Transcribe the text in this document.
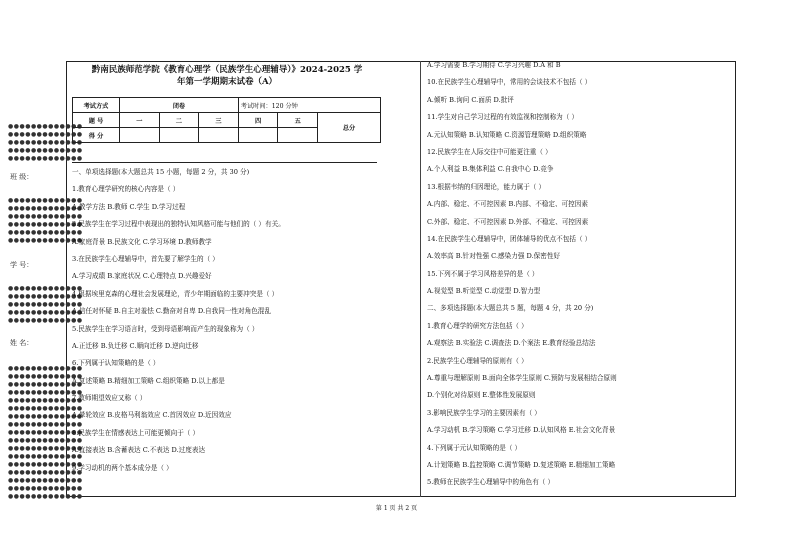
●●●●●●●●●●●●●
●●●●●●●●●●●●●
●●●●●●●●●●●●●
●●●●●●●●●●●●●
●●●●●●●●●●●●●
班 级：
●●●●●●●●●●●●●
●●●●●●●●●●●●●
●●●●●●●●●●●●●
●●●●●●●●●●●●●
●●●●●●●●●●●●●
●●●●●●●●●●●●●
学 号：
●●●●●●●●●●●●●
●●●●●●●●●●●●●
●●●●●●●●●●●●●
●●●●●●●●●●●●●
●●●●●●●●●●●●●
姓 名：
●●●●●●●●●●●●●
●●●●●●●●●●●●●
●●●●●●●●●●●●●
●●●●●●●●●●●●●
●●●●●●●●●●●●●
●●●●●●●●●●●●●
●●●●●●●●●●●●●
●●●●●●●●●●●●●
●●●●●●●●●●●●●
●●●●●●●●●●●●●
●●●●●●●●●●●●●
●●●●●●●●●●●●●
●●●●●●●●●●●●●
●●●●●●●●●●●●●
●●●●●●●●●●●●●
●●●●●●●●●●●●●
●●●●●●●●●●●●●
黔南民族师范学院《教育心理学（民族学生心理辅导）》2024-2025 学
年第一学期期末试卷（A）
考试方式	闭卷			考试时间：120 分钟		
题 号	一	二	三	四	五	总分
得 分						
一、单项选择题(本大题总共 15 小题，每题 2 分，共 30 分)
1.教育心理学研究的核心内容是（ ）
A.教学方法 B.教师 C.学生 D.学习过程
2.民族学生在学习过程中表现出的独特认知风格可能与他们的（ ）有关。
A.家庭背景 B.民族文化 C.学习环境 D.教师教学
3.在民族学生心理辅导中，首先要了解学生的（ ）
A.学习成绩 B.家庭状况 C.心理特点 D.兴趣爱好
4.根据埃里克森的心理社会发展理论，青少年期面临的主要冲突是（ ）
A.信任对怀疑 B.自主对羞怯 C.勤奋对自卑 D.自我同一性对角色混乱
5.民族学生在学习语言时，受到母语影响而产生的现象称为（ ）
A.正迁移 B.负迁移 C.顺向迁移 D.逆向迁移
6.下列属于认知策略的是（ ）
A.复述策略 B.精细加工策略 C.组织策略 D.以上都是
7.教师期望效应又称（ ）
A.晕轮效应 B.皮格马利翁效应 C.首因效应 D.近因效应
8.民族学生在情感表达上可能更倾向于（ ）
A.直接表达 B.含蓄表达 C.不表达 D.过度表达
9.学习动机的两个基本成分是（ ）
A.学习需要 B.学习期待 C.学习兴趣 D.A 和 B
10.在民族学生心理辅导中，常用的会谈技术不包括（ ）
A.倾听 B.询问 C.面质 D.批评
11.学生对自己学习过程的有效监视和控制称为（ ）
A.元认知策略 B.认知策略 C.资源管理策略 D.组织策略
12.民族学生在人际交往中可能更注重（ ）
A.个人利益 B.集体利益 C.自我中心 D.竞争
13.根据韦纳的归因理论，能力属于（ ）
A.内部、稳定、不可控因素 B.内部、不稳定、可控因素
C.外部、稳定、不可控因素 D.外部、不稳定、可控因素
14.在民族学生心理辅导中，团体辅导的优点不包括（ ）
A.效率高 B.针对性强 C.感染力强 D.保密性好
15.下列不属于学习风格差异的是（ ）
A.视觉型 B.听觉型 C.动觉型 D.智力型
二、多项选择题(本大题总共 5 题，每题 4 分，共 20 分)
1.教育心理学的研究方法包括（ ）
A.观察法 B.实验法 C.调查法 D.个案法 E.教育经验总结法
2.民族学生心理辅导的原则有（ ）
A.尊重与理解原则 B.面向全体学生原则 C.预防与发展相结合原则
D.个别化对待原则 E.整体性发展原则
3.影响民族学生学习的主要因素有（ ）
A.学习动机 B.学习策略 C.学习迁移 D.认知风格 E.社会文化背景
4.下列属于元认知策略的是（ ）
A.计划策略 B.监控策略 C.调节策略 D.复述策略 E.精细加工策略
5.教师在民族学生心理辅导中的角色有（ ）
第 1 页 共 2 页
